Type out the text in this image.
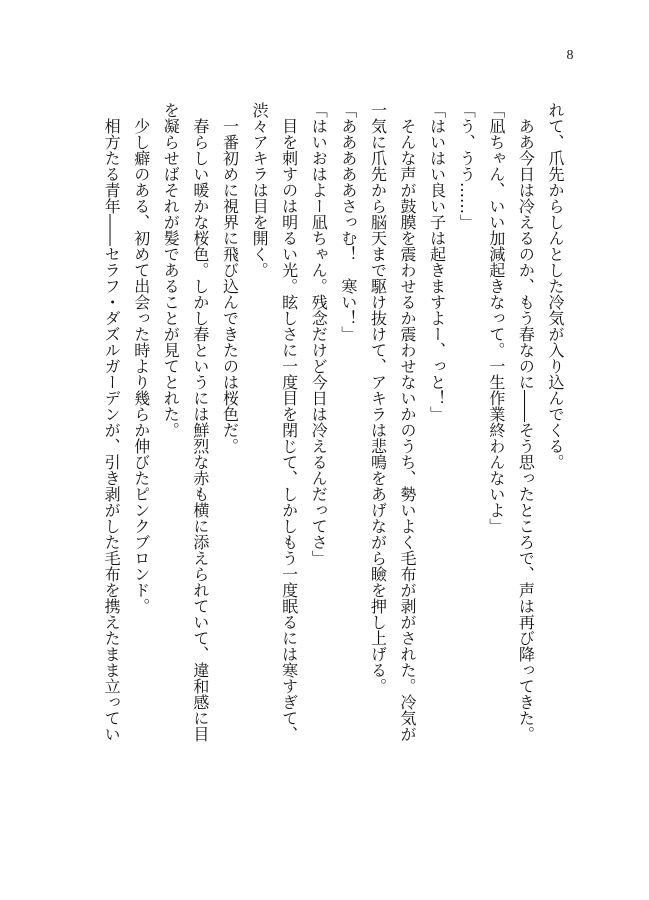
8
れて、爪先からしんとした冷気が入り込んでくる。
　ああ今日は冷えるのか、もう春なのに――そう思ったところで、声は再び降ってきた。
「凪ちゃん、いい加減起きなって。一生作業終わんないよ」
「う、うう……」
「はいはい良い子は起きますよー、っと！」
　そんな声が鼓膜を震わせるか震わせないかのうち、勢いよく毛布が剥がされた。冷気が
一気に爪先から脳天まで駆け抜けて、アキラは悲鳴をあげながら瞼を押し上げる。
「あああああさっむ！　寒い！」
「はいおはよー凪ちゃん。残念だけど今日は冷えるんだってさ」
　目を刺すのは明るい光。眩しさに一度目を閉じて、しかしもう一度眠るには寒すぎて、
渋々アキラは目を開く。
　一番初めに視界に飛び込んできたのは桜色だ。
　春らしい暖かな桜色。しかし春というには鮮烈な赤も横に添えられていて、違和感に目
を凝らせばそれが髪であることが見てとれた。
　少し癖のある、初めて出会った時より幾らか伸びたピンクブロンド。
　相方たる青年――セラフ・ダズルガーデンが、引き剥がした毛布を携えたまま立ってい
